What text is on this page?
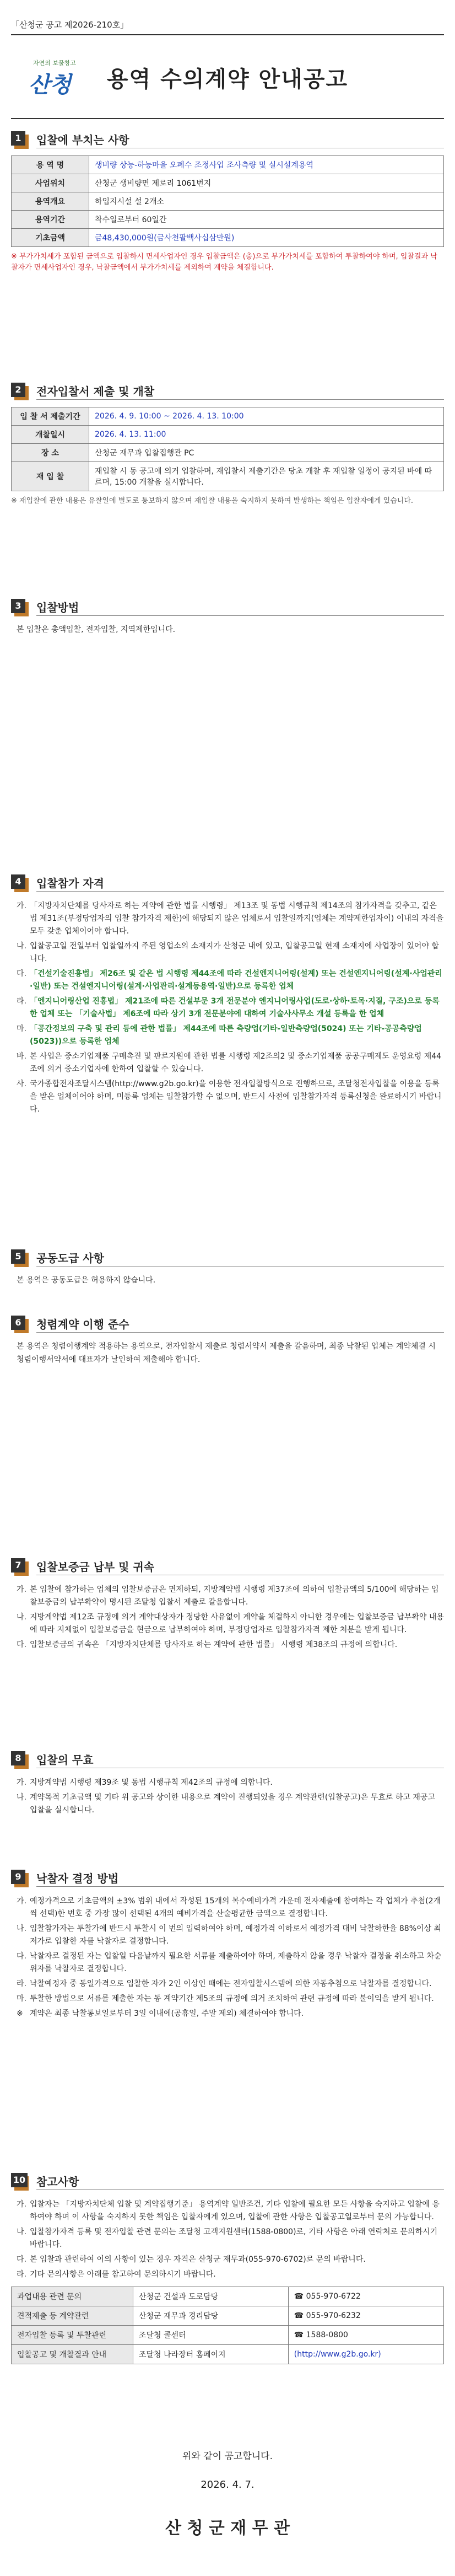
「산청군 공고 제2026-210호」
자연의 보물창고
산청	용역 수의계약 안내공고
1	입찰에 부치는 사항
용 역 명	생비량 상능-하능마을 오폐수 조정사업 조사측량 및 실시설계용역
사업위치	산청군 생비량면 제로리 1061번지
용역개요	하입지시설 설 2개소
용역기간	착수일로부터 60일간
기초금액	금48,430,000원(금사천팔백사십삼만원)
※ 부가가치세가 포함된 금액으로 입찰하시 면세사업자인 경우 입찰금액은 (충)으로 부가가치세를 포함하여 투찰하여야 하며, 입찰결과 낙찰자가 면세사업자인 경우, 낙찰금액에서 부가가치세를 제외하여 계약을 체결합니다.
2	전자입찰서 제출 및 개찰
입 찰 서 제출기간	2026. 4. 9. 10:00 ~ 2026. 4. 13. 10:00
개찰일시	2026. 4. 13. 11:00
장 소	산청군 재무과 입찰집행관 PC
재 입 찰	재입찰 시 동 공고에 의거 입찰하며, 재입찰서 제출기간은 당초 개찰 후 재입찰 일정이 공지된 바에 따르며, 15:00 개찰을 실시합니다.
※ 재입찰에 관한 내용은 유찰일에 별도로 통보하지 않으며 재입찰 내용을 숙지하지 못하여 발생하는 책임은 입찰자에게 있습니다.
3	입찰방법
본 입찰은 총액입찰, 전자입찰, 지역제한입니다.
4	입찰참가 자격
가. 「지방자치단체를 당사자로 하는 계약에 관한 법률 시행령」 제13조 및 동법 시행규칙 제14조의 참가자격을 갖추고, 같은 법 제31조(부정당업자의 입찰 참가자격 제한)에 해당되지 않은 업체로서 입찰일까지(업체는 계약제한업자이) 이내의 자격을 모두 갖춘 업체이어야 합니다.
나. 입찰공고일 전일부터 입찰일까지 주된 영업소의 소재지가 산청군 내에 있고, 입찰공고일 현재 소재지에 사업장이 있어야 합니다.
다. 「건설기술진흥법」 제26조 및 같은 법 시행령 제44조에 따라 건설엔지니어링(설계) 또는 건설엔지니어링(설계·사업관리·일반) 또는 건설엔지니어링(설계·사업관리·설계등용역·일반)으로 등록한 업체
라. 「엔지니어링산업 진흥법」 제21조에 따른 건설부문 3개 전문분야 엔지니어링사업(도로·상하·토목·지질, 구조)으로 등록한 업체 또는 「기술사법」 제6조에 따라 상기 3개 전문분야에 대하여 기술사사무소 개설 등록을 한 업체
마. 「공간정보의 구축 및 관리 등에 관한 법률」 제44조에 따른 측량업(기타-일반측량업(5024) 또는 기타-공공측량업(5023))으로 등록한 업체
바. 본 사업은 중소기업제품 구매촉진 및 판로지원에 관한 법률 시행령 제2조의2 및 중소기업제품 공공구매제도 운영요령 제44조에 의거 중소기업자에 한하여 입찰할 수 있습니다.
사. 국가종합전자조달시스템(http://www.g2b.go.kr)을 이용한 전자입찰방식으로 진행하므로, 조달청전자입찰을 이용을 등록을 받은 업체이어야 하며, 미등록 업체는 입찰참가할 수 없으며, 반드시 사전에 입찰참가자격 등록신청을 완료하시기 바랍니다.
5	공동도급 사항
본 용역은 공동도급은 허용하지 않습니다.
6	청렴계약 이행 준수
본 용역은 청렴이행계약 적용하는 용역으로, 전자입찰서 제출로 청렴서약서 제출을 갈음하며, 최종 낙찰된 업체는 계약체결 시 청렴이행서약서에 대표자가 날인하여 제출해야 합니다.
7	입찰보증금 납부 및 귀속
가. 본 입찰에 참가하는 업체의 입찰보증금은 면제하되, 지방계약법 시행령 제37조에 의하여 입찰금액의 5/100에 해당하는 입찰보증금의 납부확약이 명시된 조달청 입찰서 제출로 갈음합니다.
나. 지방계약법 제12조 규정에 의거 계약대상자가 정당한 사유없이 계약을 체결하지 아니한 경우에는 입찰보증금 납부확약 내용에 따라 지체없이 입찰보증금을 현금으로 납부하여야 하며, 부정당업자로 입찰참가자격 제한 처분을 받게 됩니다.
다. 입찰보증금의 귀속은 「지방자치단체를 당사자로 하는 계약에 관한 법률」 시행령 제38조의 규정에 의합니다.
8	입찰의 무효
가. 지방계약법 시행령 제39조 및 동법 시행규칙 제42조의 규정에 의합니다.
나. 계약목적 기초금액 및 기타 위 공고와 상이한 내용으로 계약이 진행되었을 경우 계약관련(입찰공고)은 무효로 하고 재공고 입찰을 실시합니다.
9	낙찰자 결정 방법
가. 예정가격으로 기초금액의 ±3% 범위 내에서 작성된 15개의 복수예비가격 가운데 전자제출에 참여하는 각 업체가 추첨(2개씩 선택)한 번호 중 가장 많이 선택된 4개의 예비가격을 산술평균한 금액으로 결정합니다.
나. 입찰참가자는 투찰가에 반드시 투찰시 이 번의 입력하여야 하며, 예정가격 이하로서 예정가격 대비 낙찰하한율 88%이상 최저가로 입찰한 자를 낙찰자로 결정합니다.
다. 낙찰자로 결정된 자는 입찰일 다음날까지 필요한 서류를 제출하여야 하며, 제출하지 않을 경우 낙찰자 결정을 취소하고 차순위자를 낙찰자로 결정합니다.
라. 낙찰예정자 중 동일가격으로 입찰한 자가 2인 이상인 때에는 전자입찰시스템에 의한 자동추첨으로 낙찰자를 결정합니다.
마. 투찰한 방법으로 서류를 제출한 자는 동 계약기간 제5조의 규정에 의거 조치하여 관련 규정에 따라 불이익을 받게 됩니다.
※ 계약은 최종 낙찰통보일로부터 3일 이내에(공휴일, 주말 제외) 체결하여야 합니다.
10 참고사항
가. 입찰자는 「지방자치단체 입찰 및 계약집행기준」 용역계약 일반조건, 기타 입찰에 필요한 모든 사항을 숙지하고 입찰에 응하여야 하며 이 사항을 숙지하지 못한 책임은 입찰자에게 있으며, 입찰에 관한 사항은 입찰공고일로부터 문의 가능합니다.
나. 입찰참가자격 등록 및 전자입찰 관련 문의는 조달청 고객지원센터(1588-0800)로, 기타 사항은 아래 연락처로 문의하시기 바랍니다.
다. 본 입찰과 관련하여 이의 사항이 있는 경우 자격은 산청군 재무과(055-970-6702)로 문의 바랍니다.
라. 기타 문의사항은 아래를 참고하여 문의하시기 바랍니다.
과업내용 관련 문의	산청군 건설과 도로담당	☎ 055-970-6722
견적제출 등 계약관련	산청군 재무과 경리담당	☎ 055-970-6232
전자입찰 등록 및 투찰관련	조달청 콜센터	☎ 1588-0800
입찰공고 및 개찰결과 안내	조달청 나라장터 홈페이지	(http://www.g2b.go.kr)
위와 같이 공고합니다.
2026. 4. 7.
산 청 군 재 무 관
